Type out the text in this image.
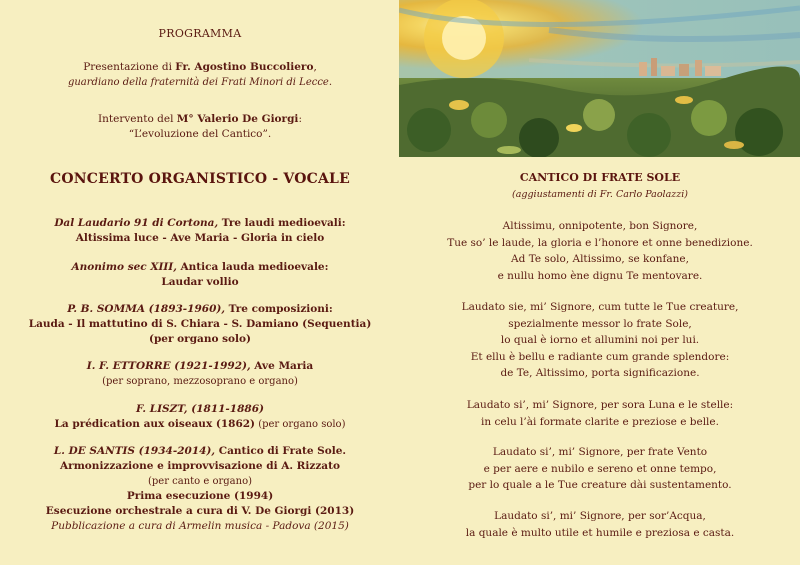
PROGRAMMA
Presentazione di Fr. Agostino Buccoliero,
guardiano della fraternità dei Frati Minori di Lecce.
Intervento del M° Valerio De Giorgi:
“L’evoluzione del Cantico”.
CONCERTO ORGANISTICO - VOCALE
Dal Laudario 91 di Cortona, Tre laudi medioevali:
Altissima luce - Ave Maria - Gloria in cielo
Anonimo sec XIII, Antica lauda medioevale:
Laudar vollio
P. B. SOMMA (1893-1960), Tre composizioni:
Lauda - Il mattutino di S. Chiara - S. Damiano (Sequentia)
(per organo solo)
I. F. ETTORRE (1921-1992), Ave Maria
(per soprano, mezzosoprano e organo)
F. LISZT, (1811-1886)
La prédication aux oiseaux (1862) (per organo solo)
L. DE SANTIS (1934-2014), Cantico di Frate Sole.
Armonizzazione e improvvisazione di A. Rizzato
(per canto e organo)
Prima esecuzione (1994)
Esecuzione orchestrale a cura di V. De Giorgi (2013)
Pubblicazione a cura di Armelin musica - Padova (2015)
CANTICO DI FRATE SOLE
(aggiustamenti di Fr. Carlo Paolazzi)
Altissimu, onnipotente, bon Signore,
Tue so’ le laude, la gloria e l’honore et onne benedizione.
Ad Te solo, Altissimo, se konfane,
e nullu homo ène dignu Te mentovare.
Laudato sie, mi’ Signore, cum tutte le Tue creature,
spezialmente messor lo frate Sole,
lo qual è iorno et allumini noi per lui.
Et ellu è bellu e radiante cum grande splendore:
de Te, Altissimo, porta significazione.
Laudato si’, mi’ Signore, per sora Luna e le stelle:
in celu l’ài formate clarite e preziose e belle.
Laudato si’, mi’ Signore, per frate Vento
e per aere e nubilo e sereno et onne tempo,
per lo quale a le Tue creature dài sustentamento.
Laudato si’, mi’ Signore, per sor’Acqua,
la quale è multo utile et humile e preziosa e casta.
